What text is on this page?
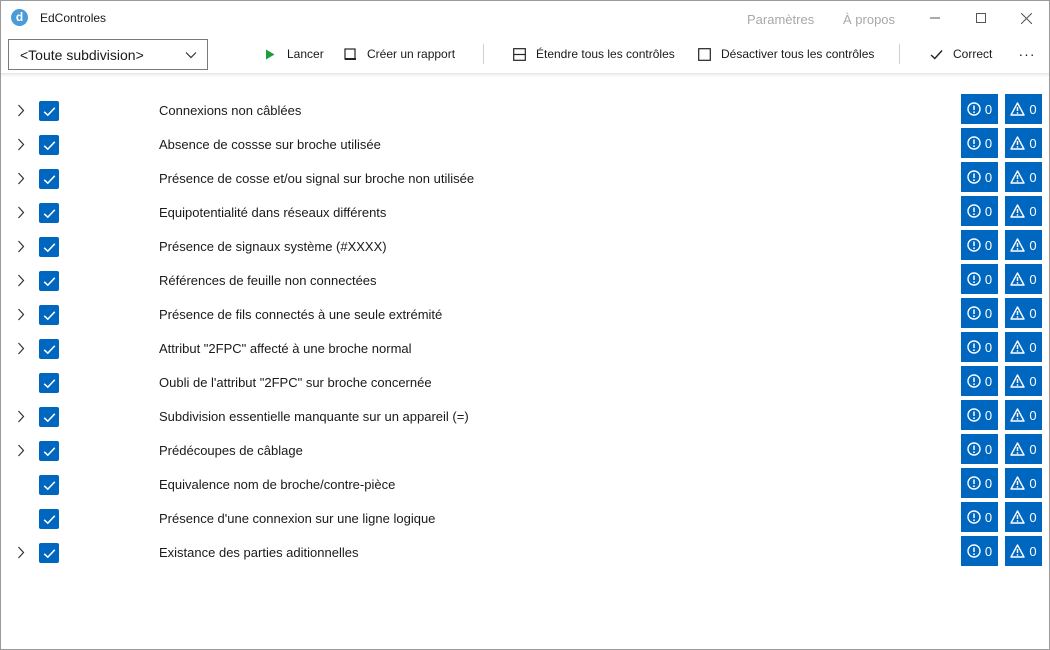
d	EdControles	Paramètres À propos
<Toute subdivision>	Lancer	Créer un rapport	Étendre tous les contrôles	Désactiver tous les contrôles	Correct ···
Connexions non câblées	0	0
Absence de cossse sur broche utilisée	0	0
Présence de cosse et/ou signal sur broche non utilisée	0	0
Equipotentialité dans réseaux différents	0	0
Présence de signaux système (#XXXX)	0	0
Références de feuille non connectées	0	0
Présence de fils connectés à une seule extrémité	0	0
Attribut "2FPC" affecté à une broche normal	0	0
Oubli de l'attribut "2FPC" sur broche concernée	0	0
Subdivision essentielle manquante sur un appareil (=)	0	0
Prédécoupes de câblage	0	0
Equivalence nom de broche/contre-pièce	0	0
Présence d'une connexion sur une ligne logique	0	0
Existance des parties aditionnelles	0	0
